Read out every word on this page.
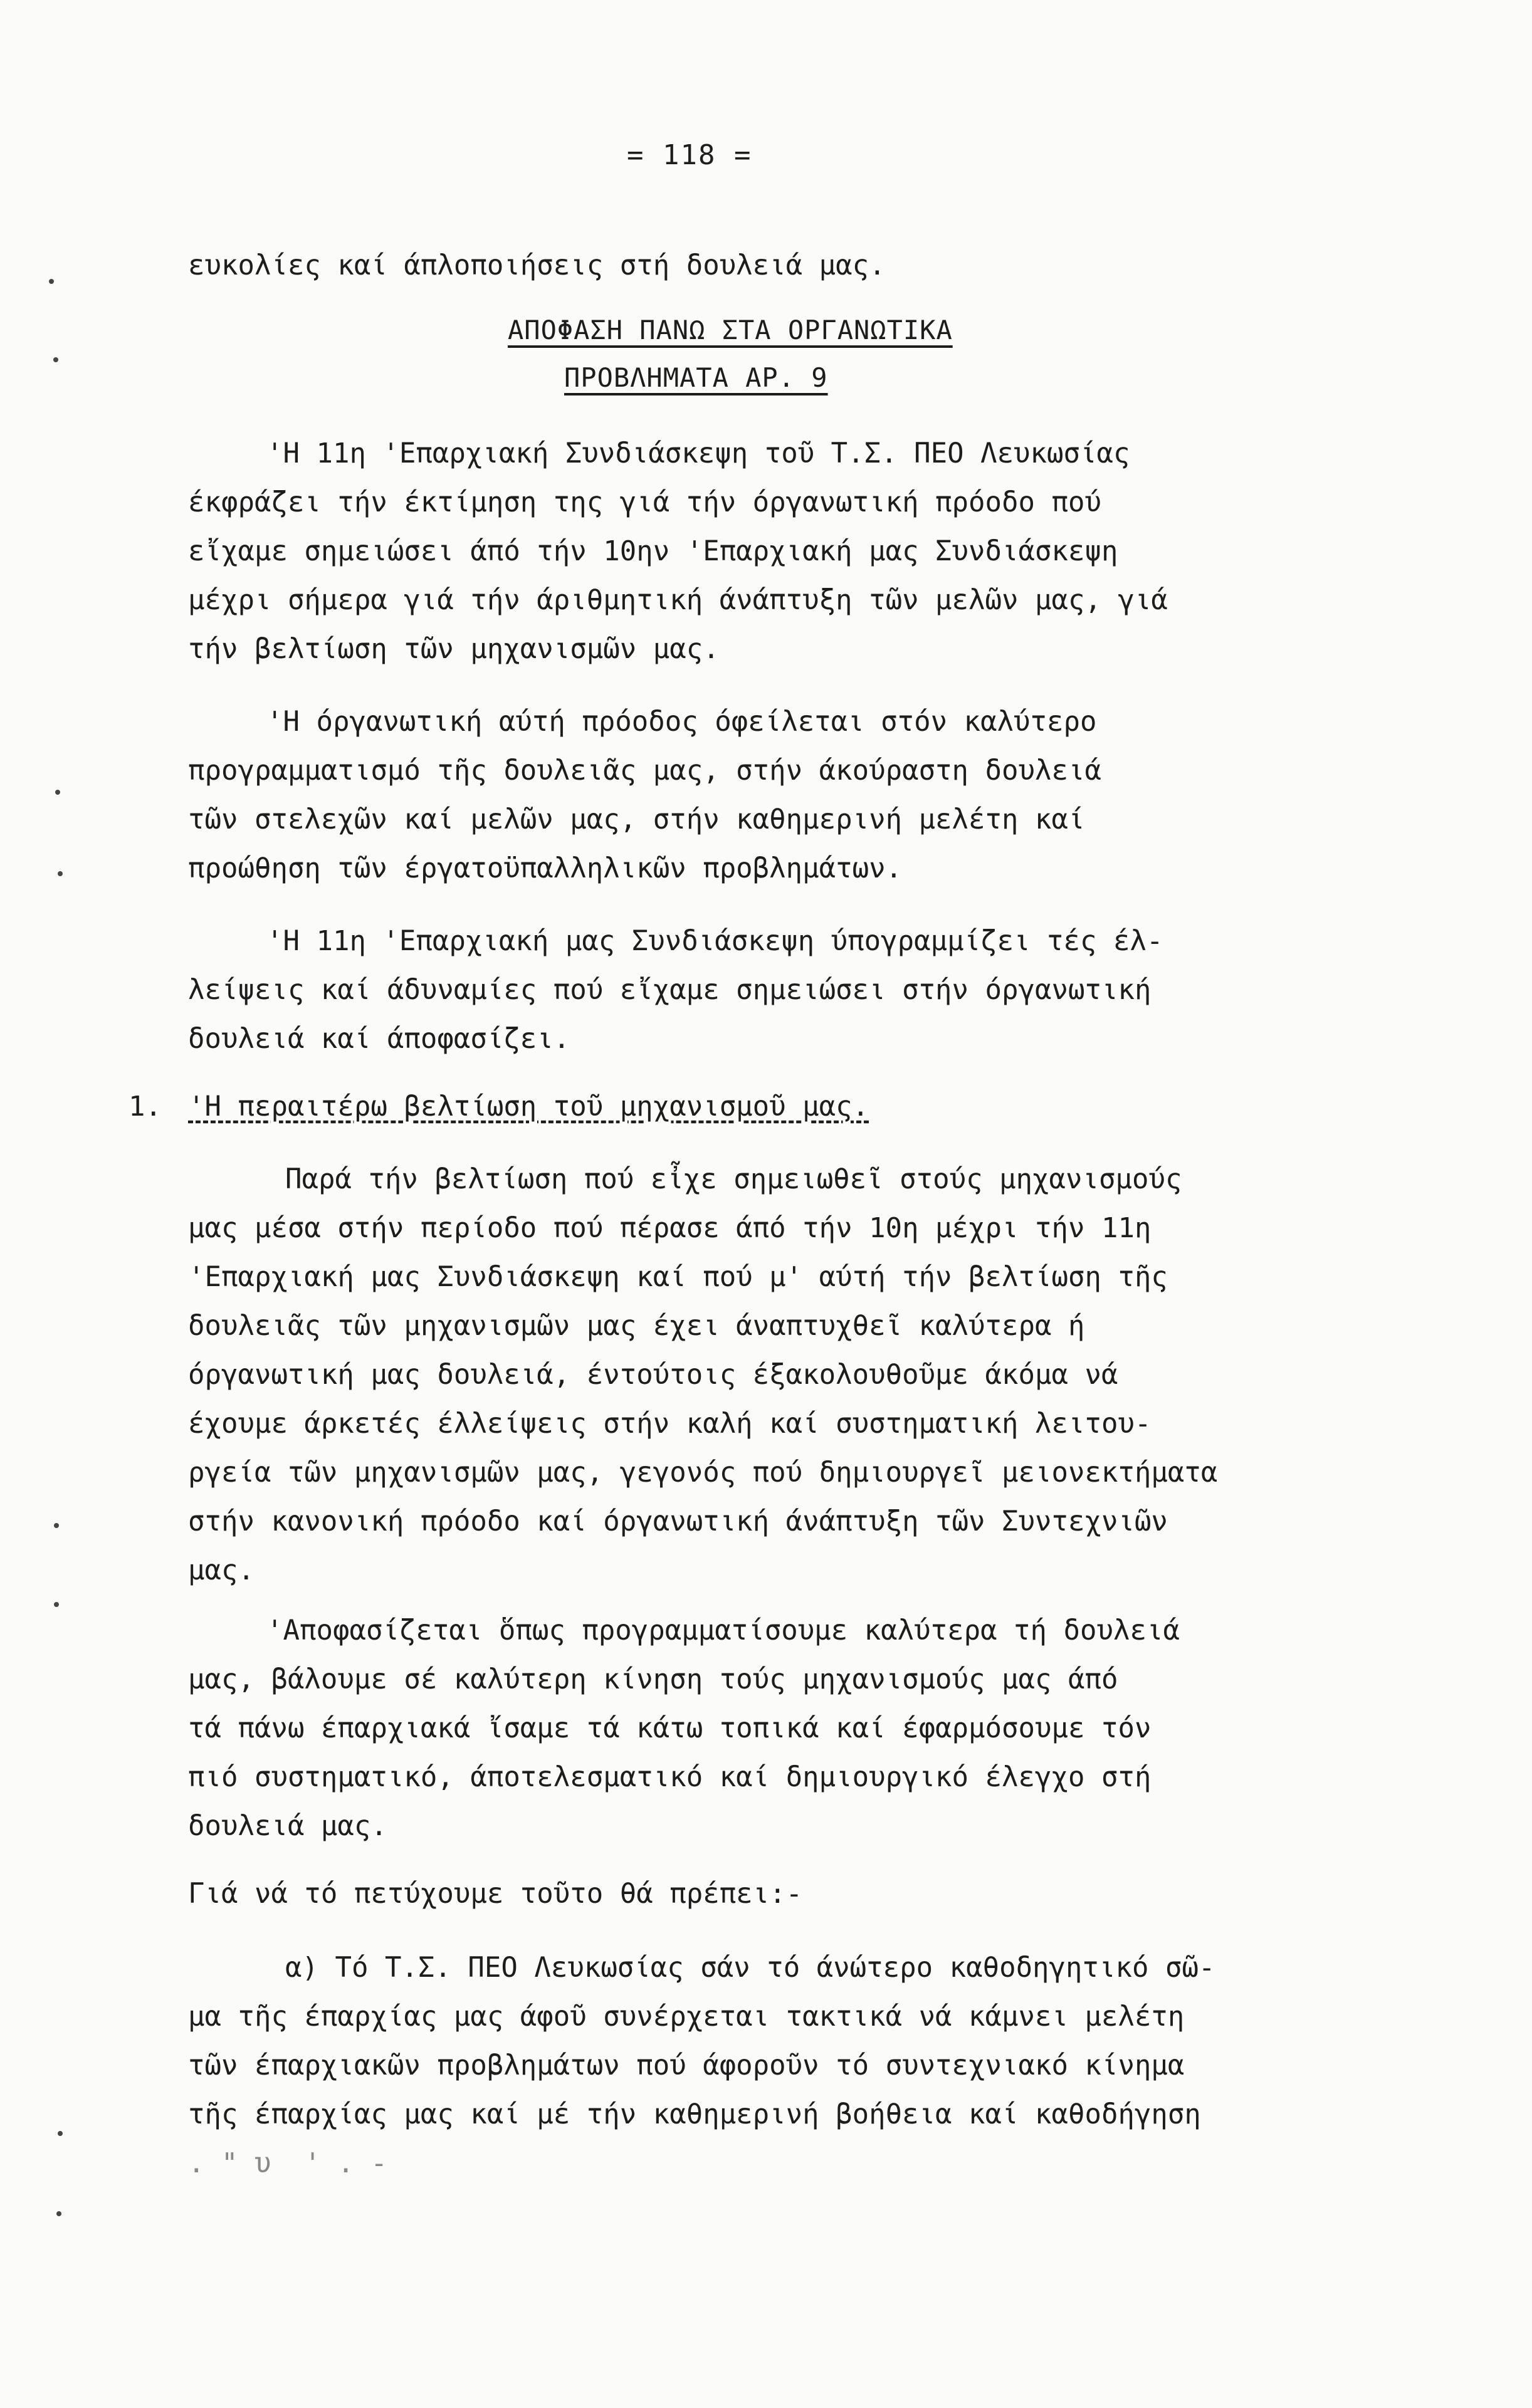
= 118 =
ευκολίες καί άπλοποιήσεις στή δουλειά μας.
ΑΠΟΦΑΣΗ ΠΑΝΩ ΣΤΑ ΟΡΓΑΝΩΤΙΚΑ
ΠΡΟΒΛΗΜΑΤΑ ΑΡ. 9
'Η 11η 'Επαρχιακή Συνδιάσκεψη τοῦ Τ.Σ. ΠΕΟ Λευκωσίας
έκφράζει τήν έκτίμηση της γιά τήν όργανωτική πρόοδο πού
εἴχαμε σημειώσει άπό τήν 10ην 'Επαρχιακή μας Συνδιάσκεψη
μέχρι σήμερα γιά τήν άριθμητική άνάπτυξη τῶν μελῶν μας, γιά
τήν βελτίωση τῶν μηχανισμῶν μας.
'Η όργανωτική αύτή πρόοδος όφείλεται στόν καλύτερο
προγραμματισμό τῆς δουλειᾶς μας, στήν άκούραστη δουλειά
τῶν στελεχῶν καί μελῶν μας, στήν καθημερινή μελέτη καί
προώθηση τῶν έργατοϋπαλληλικῶν προβλημάτων.
'Η 11η 'Επαρχιακή μας Συνδιάσκεψη ύπογραμμίζει τές έλ-
λείψεις καί άδυναμίες πού εἴχαμε σημειώσει στήν όργανωτική
δουλειά καί άποφασίζει.
1. 'Η περαιτέρω βελτίωση τοῦ μηχανισμοῦ μας.
Παρά τήν βελτίωση πού εἶχε σημειωθεῖ στούς μηχανισμούς
μας μέσα στήν περίοδο πού πέρασε άπό τήν 10η μέχρι τήν 11η
'Επαρχιακή μας Συνδιάσκεψη καί πού μ' αύτή τήν βελτίωση τῆς
δουλειᾶς τῶν μηχανισμῶν μας έχει άναπτυχθεῖ καλύτερα ή
όργανωτική μας δουλειά, έντούτοις έξακολουθοῦμε άκόμα νά
έχουμε άρκετές έλλείψεις στήν καλή καί συστηματική λειτου-
ργεία τῶν μηχανισμῶν μας, γεγονός πού δημιουργεῖ μειονεκτήματα
στήν κανονική πρόοδο καί όργανωτική άνάπτυξη τῶν Συντεχνιῶν
μας.
'Αποφασίζεται ὅπως προγραμματίσουμε καλύτερα τή δουλειά
μας, βάλουμε σέ καλύτερη κίνηση τούς μηχανισμούς μας άπό
τά πάνω έπαρχιακά ἴσαμε τά κάτω τοπικά καί έφαρμόσουμε τόν
πιό συστηματικό, άποτελεσματικό καί δημιουργικό έλεγχο στή
δουλειά μας.
Γιά νά τό πετύχουμε τοῦτο θά πρέπει:-
α) Τό Τ.Σ. ΠΕΟ Λευκωσίας σάν τό άνώτερο καθοδηγητικό σῶ-
μα τῆς έπαρχίας μας άφοῦ συνέρχεται τακτικά νά κάμνει μελέτη
τῶν έπαρχιακῶν προβλημάτων πού άφοροῦν τό συντεχνιακό κίνημα
τῆς έπαρχίας μας καί μέ τήν καθημερινή βοήθεια καί καθοδήγηση
. " υ  ' . -
